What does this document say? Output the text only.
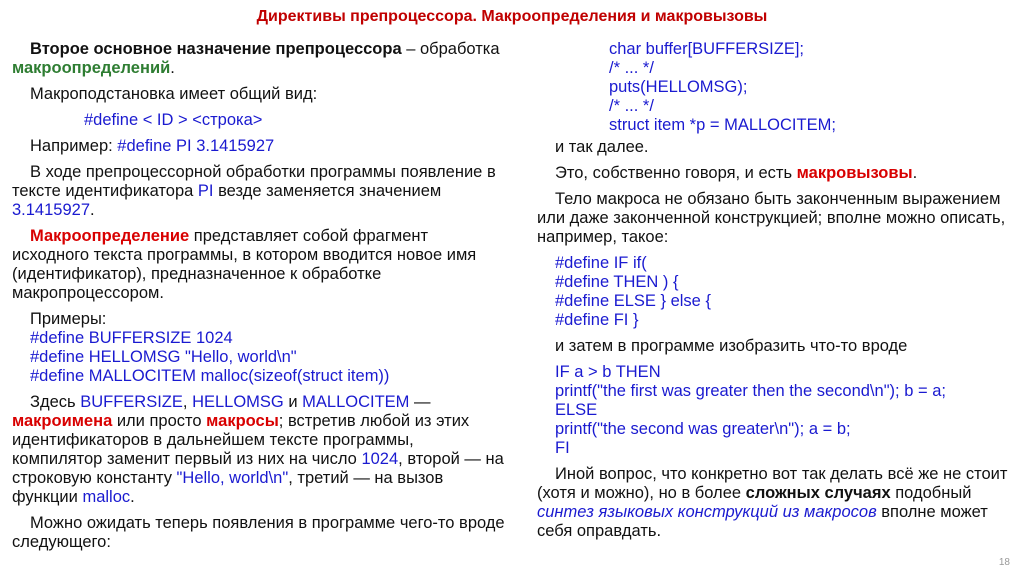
Директивы препроцессора. Макроопределения и макровызовы

Второе основное назначение препроцессора – обработка макроопределений.

Макроподстановка имеет общий вид:

#define < ID > <строка>

Например: #define PI 3.1415927

В ходе препроцессорной обработки программы появление в тексте идентификатора PI везде заменяется значением 3.1415927.

Макроопределение представляет собой фрагмент исходного текста программы, в котором вводится новое имя (идентификатор), предназначенное к обработке макропроцессором.

Примеры:
#define BUFFERSIZE 1024
#define HELLOMSG "Hello, world\n"
#define MALLOCITEM malloc(sizeof(struct item))

Здесь BUFFERSIZE, HELLOMSG и MALLOCITEM — макроимена или просто макросы; встретив любой из этих идентификаторов в дальнейшем тексте программы, компилятор заменит первый из них на число 1024, второй — на строковую константу "Hello, world\n", третий — на вызов функции malloc.

Можно ожидать теперь появления в программе чего-то вроде следующего:

char buffer[BUFFERSIZE];
/* ... */
puts(HELLOMSG);
/* ... */
struct item *p = MALLOCITEM;

и так далее.

Это, собственно говоря, и есть макровызовы.

Тело макроса не обязано быть законченным выражением или даже законченной конструкцией; вполне можно описать, например, такое:

#define IF if(
#define THEN ) {
#define ELSE } else {
#define FI }

и затем в программе изобразить что-то вроде

IF a > b THEN
printf("the first was greater then the second\n"); b = a;
ELSE
printf("the second was greater\n"); a = b;
FI

Иной вопрос, что конкретно вот так делать всё же не стоит (хотя и можно), но в более сложных случаях подобный синтез языковых конструкций из макросов вполне может себя оправдать.

18
